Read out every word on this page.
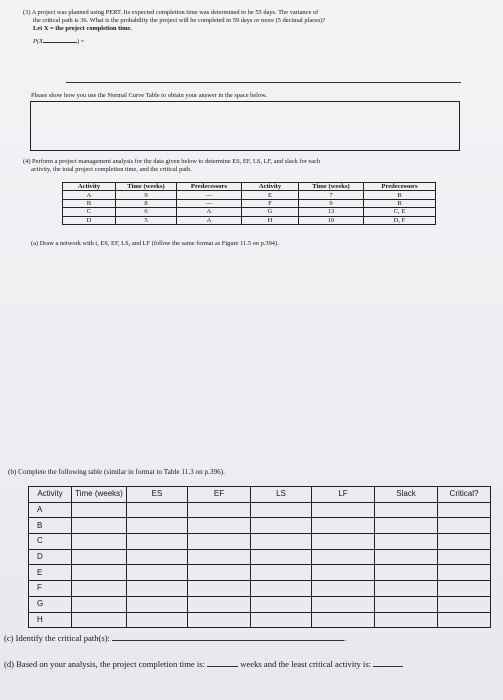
(3) A project was planned using PERT. Its expected completion time was determined to be 55 days. The variance of
the critical path is 36. What is the probability the project will be completed in 59 days or more (5 decimal places)?
Let X = the project completion time.
P(X	) =
Please show how you use the Normal Curve Table to obtain your answer in the space below.
(4) Perform a project management analysis for the data given below to determine ES, EF, LS, LF, and slack for each
activity, the total project completion time, and the critical path.
Activity	Time (weeks)	Predecessors	Activity	Time (weeks)	Predecessors
A	9	—	E	7	B
B	8	—	F	9	B
C	6	A	G	13	C, E
D	5	A	H	10	D, F
(a) Draw a network with t, ES, EF, LS, and LF (follow the same format as Figure 11.5 on p.394).
(b) Complete the following table (similar in format to Table 11.3 on p.396).
Activity	Time (weeks)	ES	EF	LS	LF	Slack	Critical?
A							
B							
C							
D							
E							
F							
G							
H							
(c) Identify the critical path(s):	.
(d) Based on your analysis, the project completion time is:	weeks and the least critical activity is:
